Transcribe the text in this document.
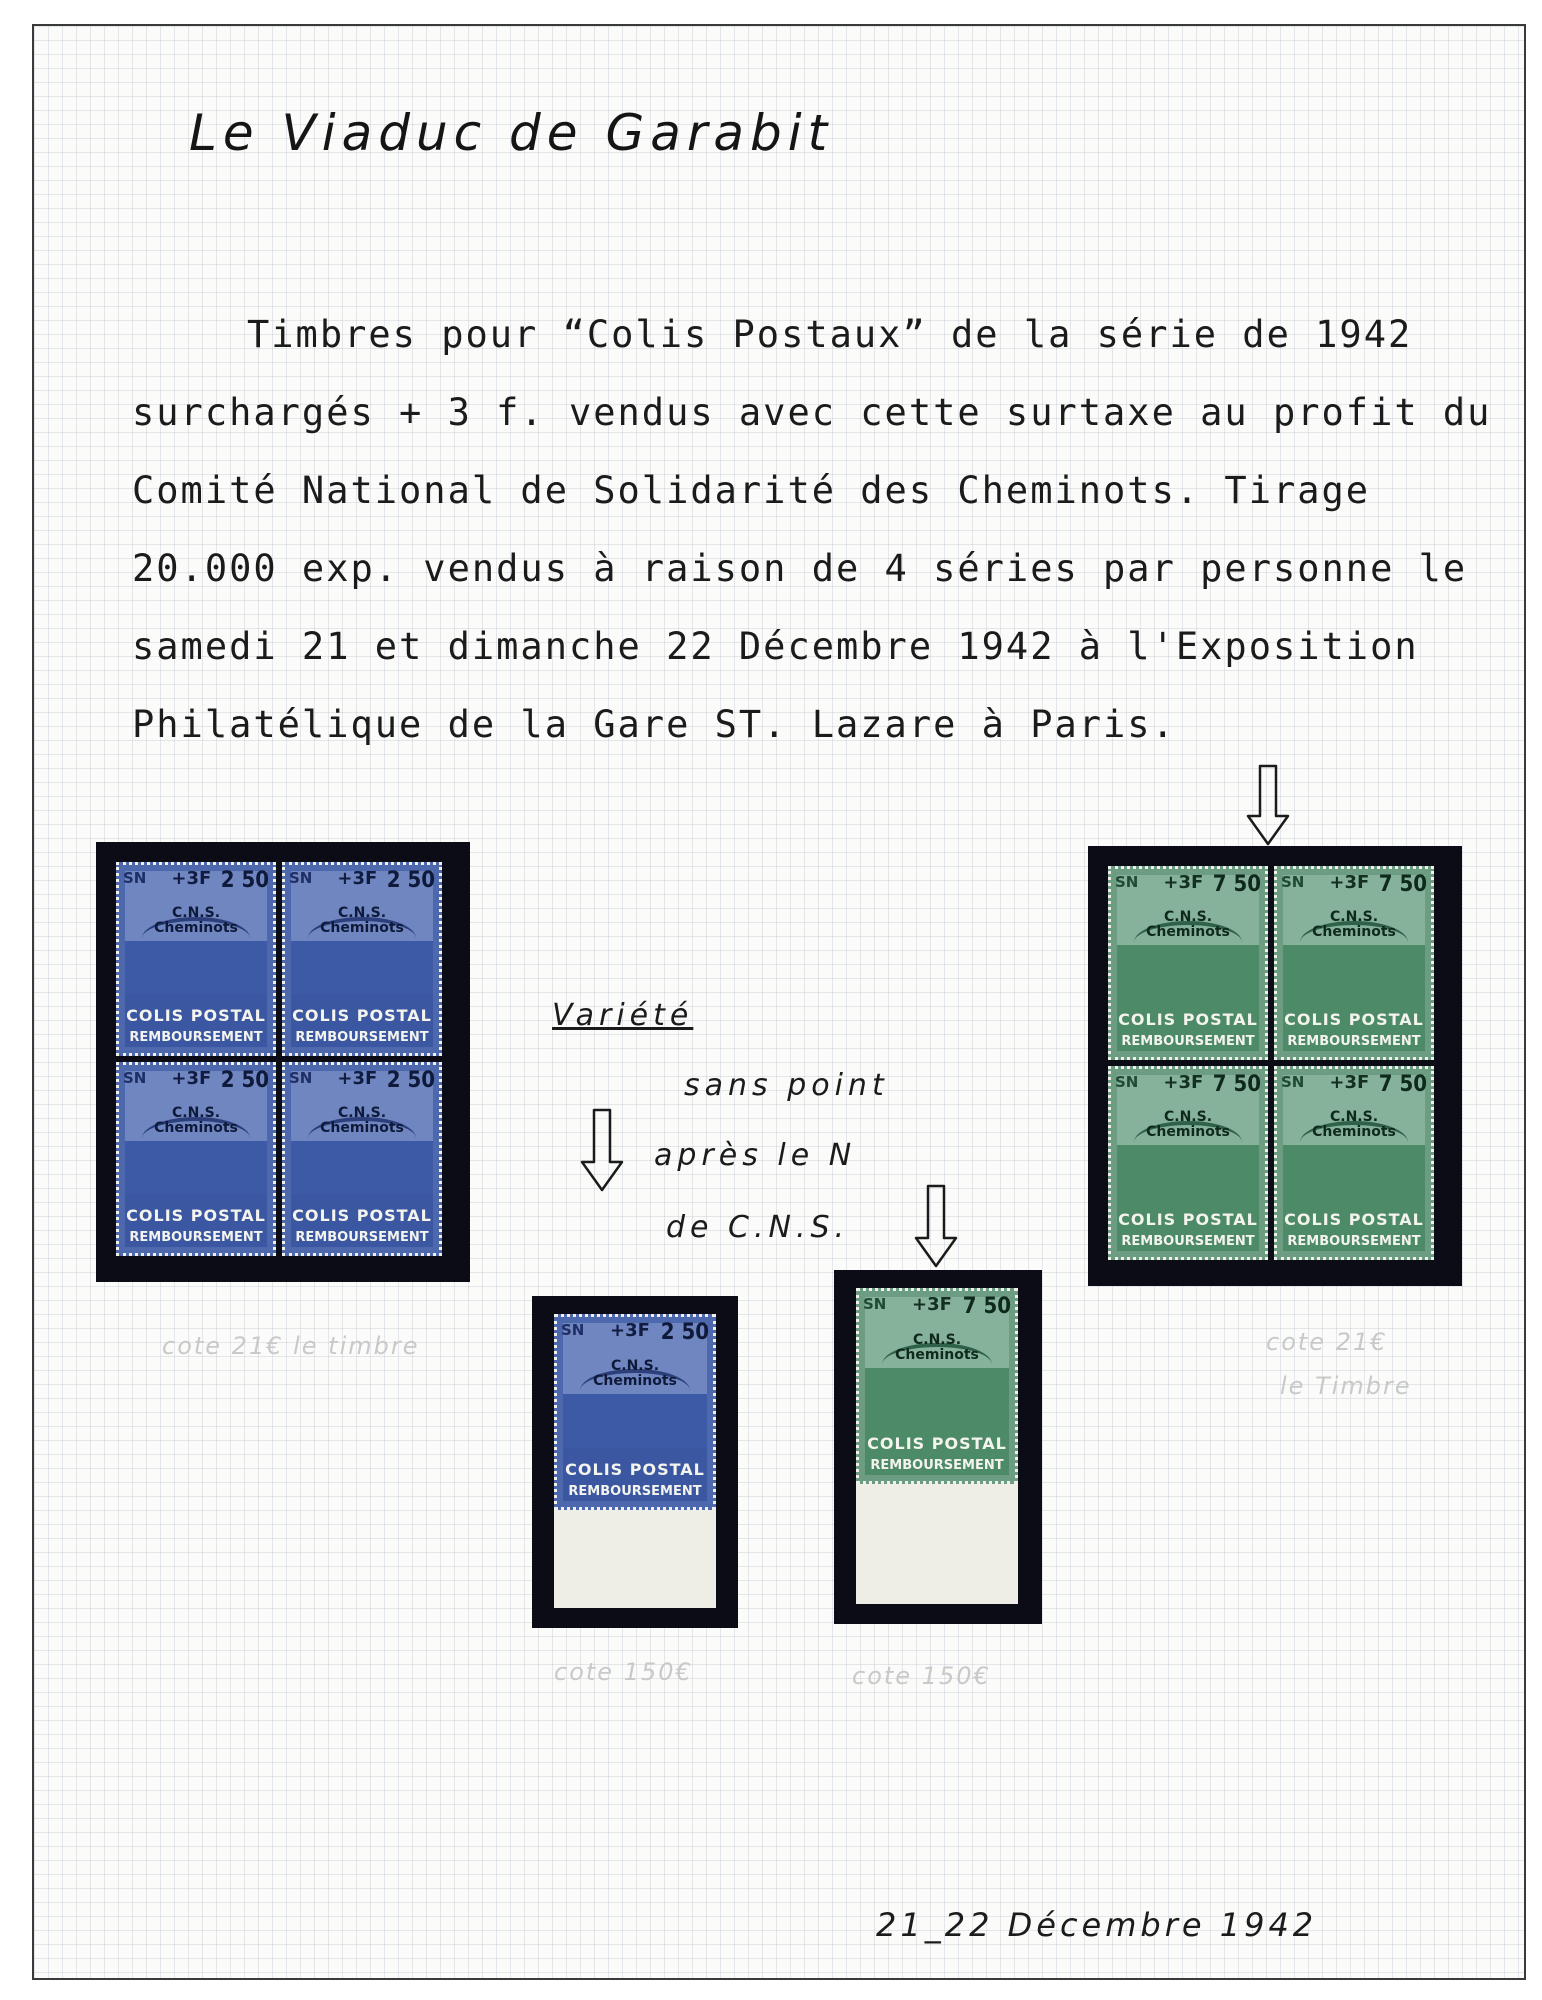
Le Viaduc de Garabit
Timbres pour “Colis Postaux” de la série de 1942
surchargés + 3 f. vendus avec cette surtaxe au profit du
Comité National de Solidarité des Cheminots. Tirage
20.000 exp. vendus à raison de 4 séries par personne le
samedi 21 et dimanche 22 Décembre 1942 à l'Exposition
Philatélique de la Gare ST. Lazare à Paris.
SN +3F 2 50
C.N.S.
Cheminots
COLIS POSTAL
REMBOURSEMENT
SN +3F 2 50
C.N.S.
Cheminots
COLIS POSTAL
REMBOURSEMENT
SN +3F 2 50
C.N.S.
Cheminots
COLIS POSTAL
REMBOURSEMENT
SN +3F 2 50
C.N.S.
Cheminots
COLIS POSTAL
REMBOURSEMENT
SN +3F 7 50
C.N.S.
Cheminots
COLIS POSTAL
REMBOURSEMENT
SN +3F 7 50
C.N.S.
Cheminots
COLIS POSTAL
REMBOURSEMENT
SN +3F 7 50
C.N.S.
Cheminots
COLIS POSTAL
REMBOURSEMENT
SN +3F 7 50
C.N.S.
Cheminots
COLIS POSTAL
REMBOURSEMENT
Variété
sans point
après le N
de C.N.S.
SN +3F 2 50
C.N.S.
Cheminots
COLIS POSTAL
REMBOURSEMENT
SN +3F 7 50
C.N.S.
Cheminots
COLIS POSTAL
REMBOURSEMENT
cote 21€ le timbre	cote 21€
le Timbre
cote 150€	cote 150€
21_22 Décembre 1942
